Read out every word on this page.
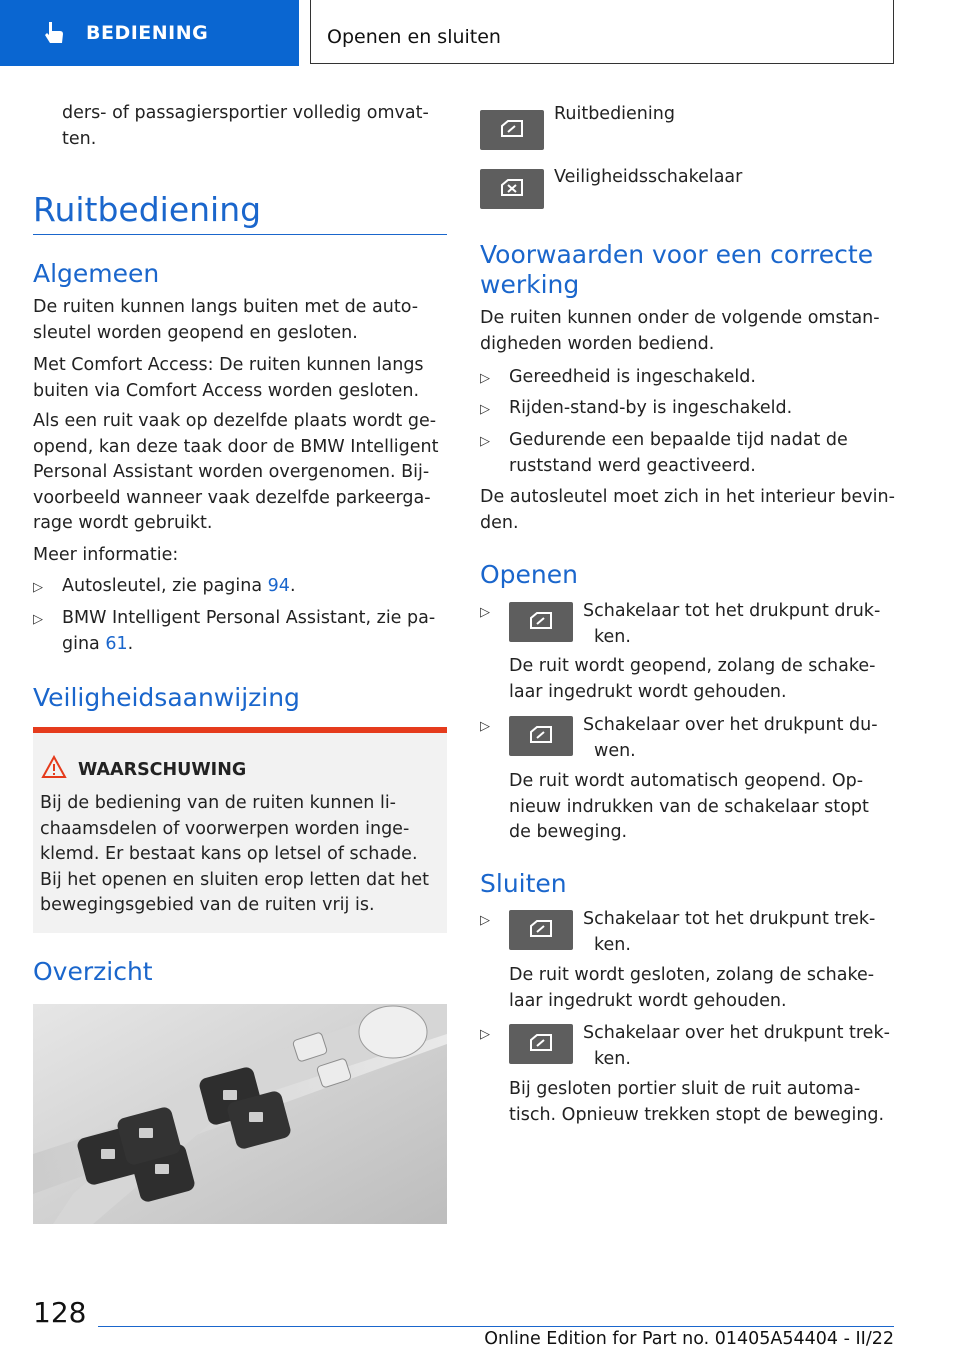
BEDIENING	Openen en sluiten

ders- of passagiersportier volledig omvat-

ten.

Ruitbediening
Algemeen

De ruiten kunnen langs buiten met de auto-

sleutel worden geopend en gesloten.

Met Comfort Access: De ruiten kunnen langs

buiten via Comfort Access worden gesloten.

Als een ruit vaak op dezelfde plaats wordt ge-

opend, kan deze taak door de BMW Intelligent

Personal Assistant worden overgenomen. Bij-

voorbeeld wanneer vaak dezelfde parkeerga-

rage wordt gebruikt.

Meer informatie:

▷ Autosleutel, zie pagina 94.

▷ BMW Intelligent Personal Assistant, zie pa-

gina 61.

Veiligheidsaanwijzing
Overzicht
WAARSCHUWING

Bij de bediening van de ruiten kunnen li-

chaamsdelen of voorwerpen worden inge-

klemd. Er bestaat kans op letsel of schade.

Bij het openen en sluiten erop letten dat het

bewegingsgebied van de ruiten vrij is.

Ruitbediening

Veiligheidsschakelaar

Voorwaarden voor een correcte
werking

De ruiten kunnen onder de volgende omstan-

digheden worden bediend.

▷ Gereedheid is ingeschakeld.

▷ Rijden-stand-by is ingeschakeld.

▷ Gedurende een bepaalde tijd nadat de

ruststand werd geactiveerd.

De autosleutel moet zich in het interieur bevin-

den.

Openen
▷	Schakelaar tot het drukpunt druk-

ken.

De ruit wordt geopend, zolang de schake-

laar ingedrukt wordt gehouden.

▷	Schakelaar over het drukpunt du-

wen.

De ruit wordt automatisch geopend. Op-

nieuw indrukken van de schakelaar stopt

de beweging.

Sluiten
▷	Schakelaar tot het drukpunt trek-

ken.

De ruit wordt gesloten, zolang de schake-

laar ingedrukt wordt gehouden.

▷	Schakelaar over het drukpunt trek-

ken.

Bij gesloten portier sluit de ruit automa-

tisch. Opnieuw trekken stopt de beweging.

128
Online Edition for Part no. 01405A54404 - II/22
